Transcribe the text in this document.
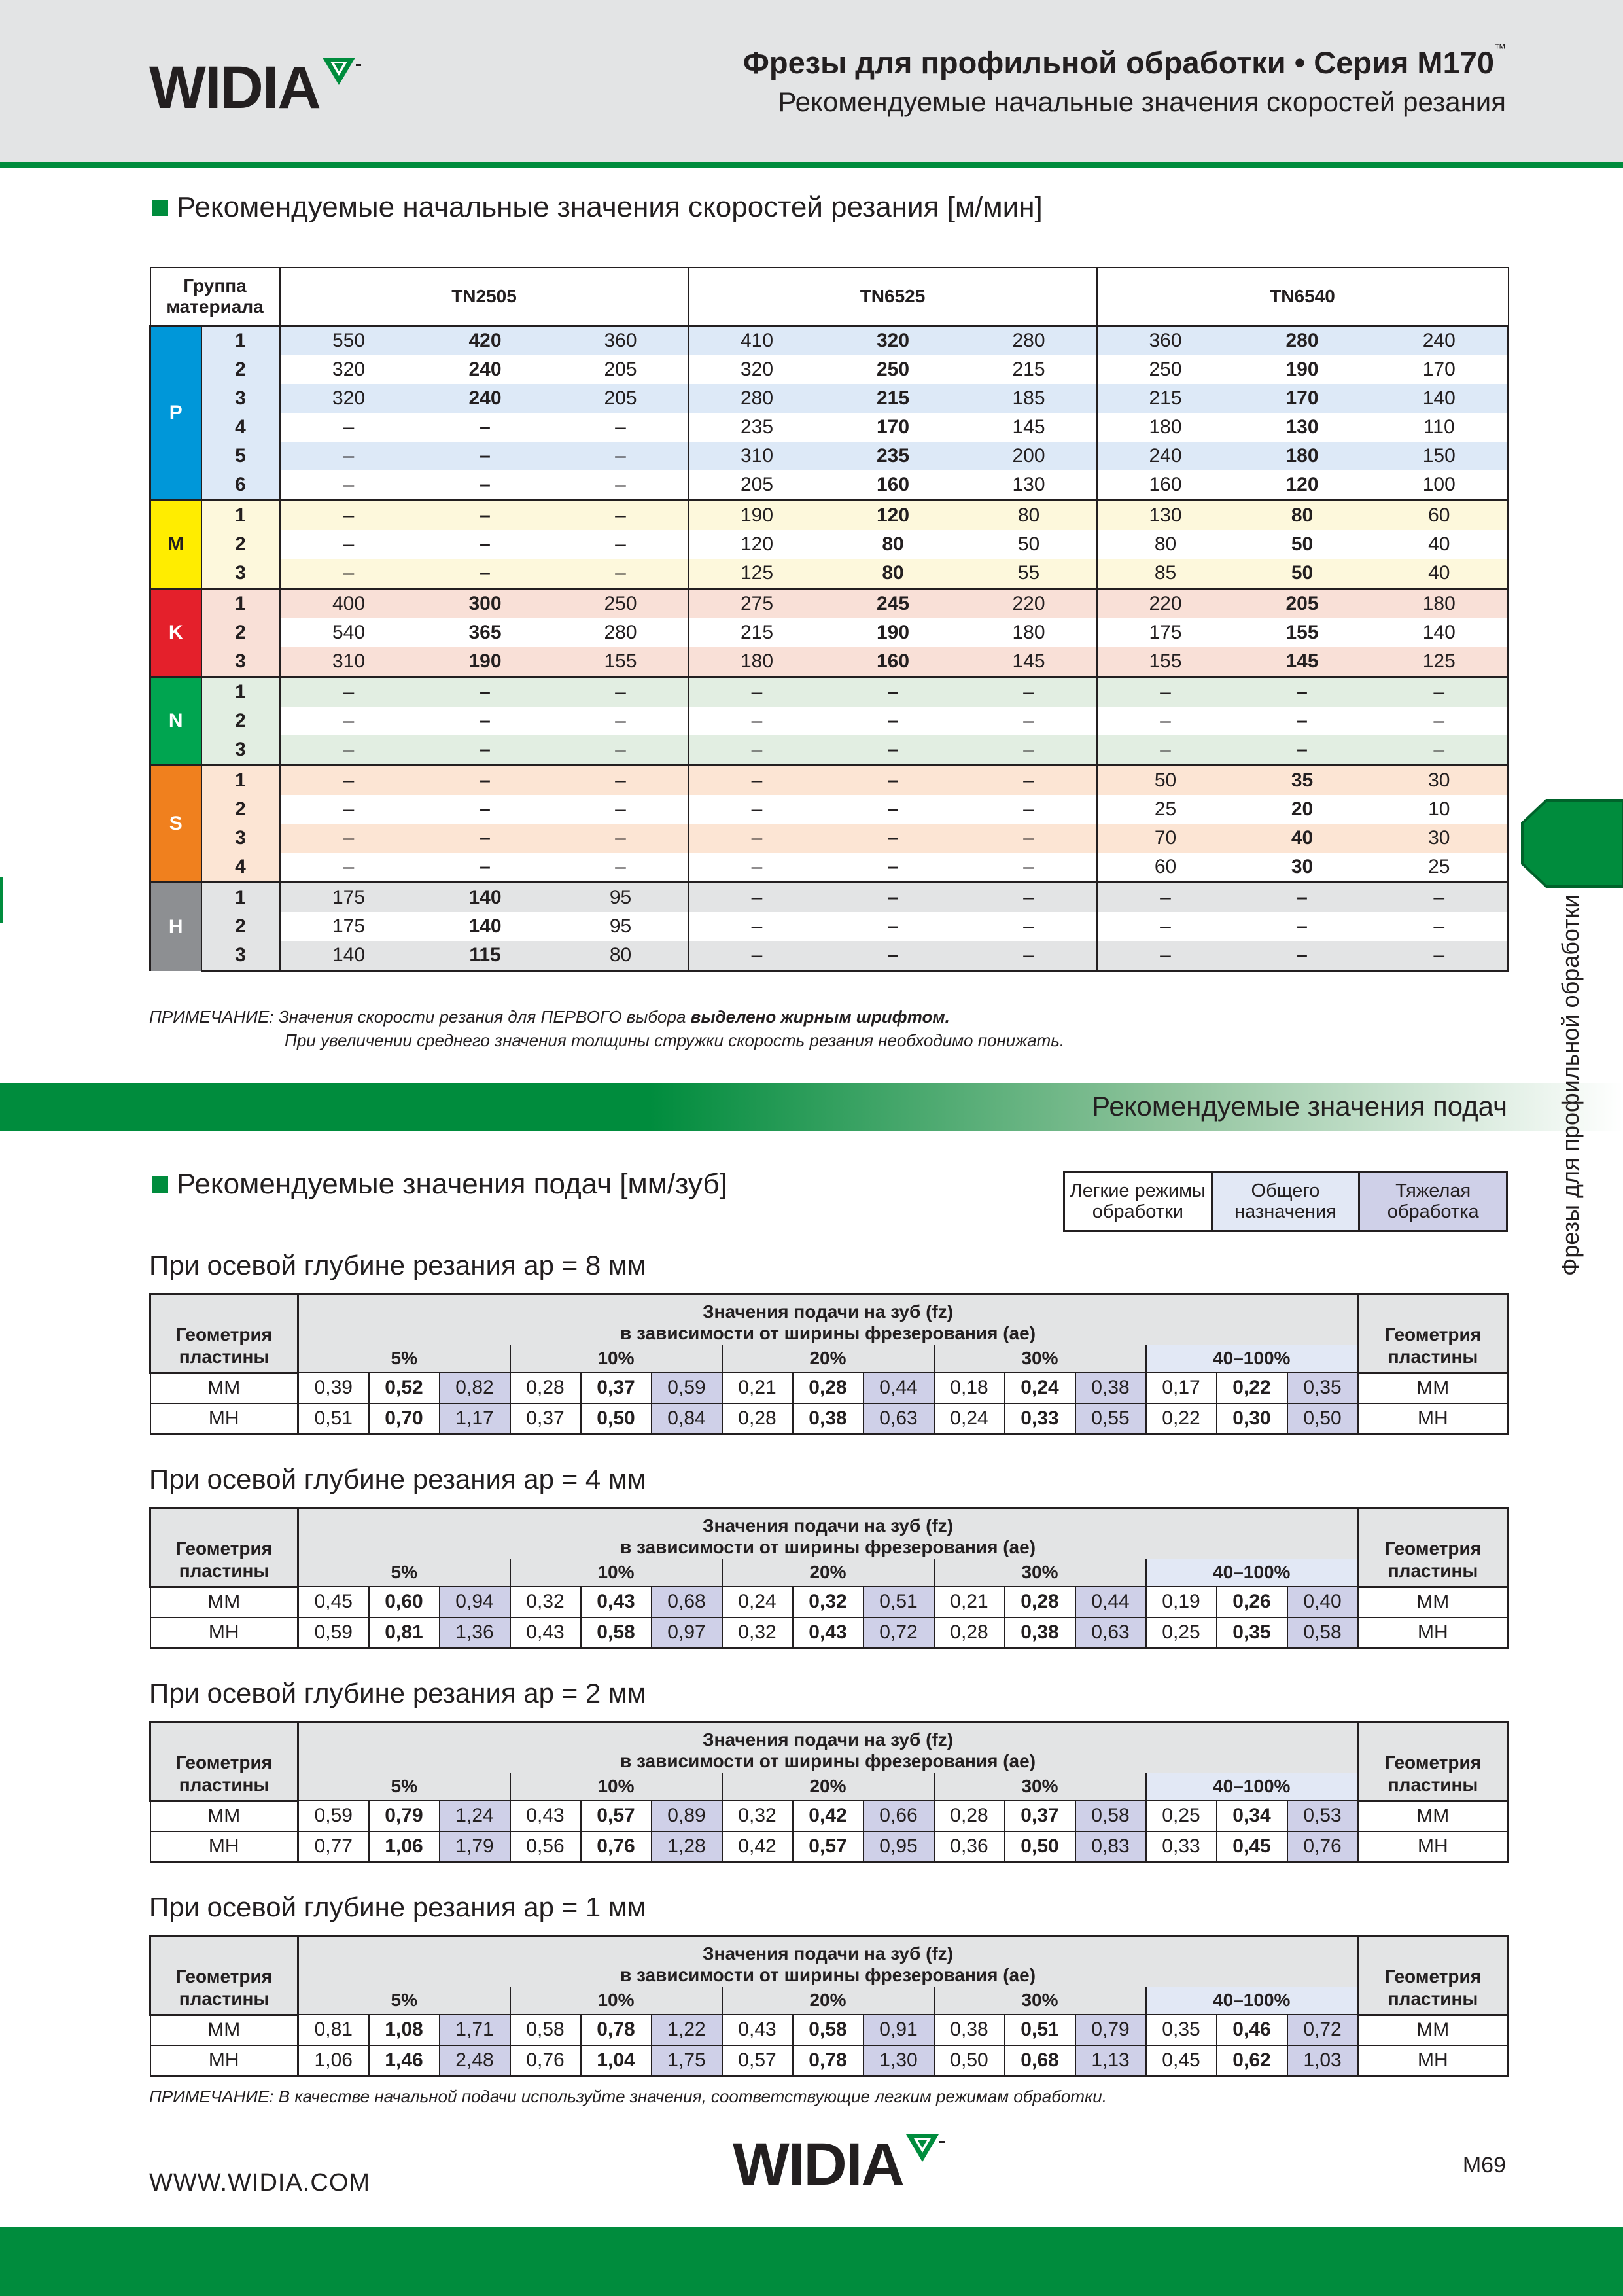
WIDIA	Фрезы для профильной обработки • Серия M170™
Рекомендуемые начальные значения скоростей резания
Рекомендуемые начальные значения скоростей резания [м/мин]
Группа материала		TN2505			TN6525			TN6540		
P	1	550	420	360	410	320	280	360	280	240
	2	320	240	205	320	250	215	250	190	170
	3	320	240	205	280	215	185	215	170	140
	4	–	–	–	235	170	145	180	130	110
	5	–	–	–	310	235	200	240	180	150
	6	–	–	–	205	160	130	160	120	100
M	1	–	–	–	190	120	80	130	80	60
	2	–	–	–	120	80	50	80	50	40
	3	–	–	–	125	80	55	85	50	40
K	1	400	300	250	275	245	220	220	205	180
	2	540	365	280	215	190	180	175	155	140
	3	310	190	155	180	160	145	155	145	125
N	1	–	–	–	–	–	–	–	–	–
	2	–	–	–	–	–	–	–	–	–
	3	–	–	–	–	–	–	–	–	–
S	1	–	–	–	–	–	–	50	35	30
	2	–	–	–	–	–	–	25	20	10
	3	–	–	–	–	–	–	70	40	30
	4	–	–	–	–	–	–	60	30	25
H	1	175	140	95	–	–	–	–	–	–
	2	175	140	95	–	–	–	–	–	–
	3	140	115	80	–	–	–	–	–	–
ПРИМЕЧАНИЕ: Значения скорости резания для ПЕРВОГО выбора выделено жирным шрифтом.
При увеличении среднего значения толщины стружки скорость резания необходимо понижать.
Рекомендуемые значения подач
Рекомендуемые значения подач [мм/зуб]	Легкие режимы обработки	Общего назначения	Тяжелая обработка
При осевой глубине резания ap = 8 мм
Геометрия пластины	Значения подачи на зуб (fz)
в зависимости от ширины фрезерования (ae)															Геометрия пластины
	5%			10%			20%			30%			40–100%			
MM	0,39	0,52	0,82	0,28	0,37	0,59	0,21	0,28	0,44	0,18	0,24	0,38	0,17	0,22	0,35	MM
MH	0,51	0,70	1,17	0,37	0,50	0,84	0,28	0,38	0,63	0,24	0,33	0,55	0,22	0,30	0,50	MH
При осевой глубине резания ap = 4 мм
Геометрия пластины	Значения подачи на зуб (fz)
в зависимости от ширины фрезерования (ae)															Геометрия пластины
	5%			10%			20%			30%			40–100%			
MM	0,45	0,60	0,94	0,32	0,43	0,68	0,24	0,32	0,51	0,21	0,28	0,44	0,19	0,26	0,40	MM
MH	0,59	0,81	1,36	0,43	0,58	0,97	0,32	0,43	0,72	0,28	0,38	0,63	0,25	0,35	0,58	MH
При осевой глубине резания ap = 2 мм
Геометрия пластины	Значения подачи на зуб (fz)
в зависимости от ширины фрезерования (ae)															Геометрия пластины
	5%			10%			20%			30%			40–100%			
MM	0,59	0,79	1,24	0,43	0,57	0,89	0,32	0,42	0,66	0,28	0,37	0,58	0,25	0,34	0,53	MM
MH	0,77	1,06	1,79	0,56	0,76	1,28	0,42	0,57	0,95	0,36	0,50	0,83	0,33	0,45	0,76	MH
При осевой глубине резания ap = 1 мм
Геометрия пластины	Значения подачи на зуб (fz)
в зависимости от ширины фрезерования (ae)															Геометрия пластины
	5%			10%			20%			30%			40–100%			
MM	0,81	1,08	1,71	0,58	0,78	1,22	0,43	0,58	0,91	0,38	0,51	0,79	0,35	0,46	0,72	MM
MH	1,06	1,46	2,48	0,76	1,04	1,75	0,57	0,78	1,30	0,50	0,68	1,13	0,45	0,62	1,03	MH
ПРИМЕЧАНИЕ: В качестве начальной подачи используйте значения, соответствующие легким режимам обработки.
Фрезы для профильной обработки
WWW.WIDIA.COM	WIDIA	M69
